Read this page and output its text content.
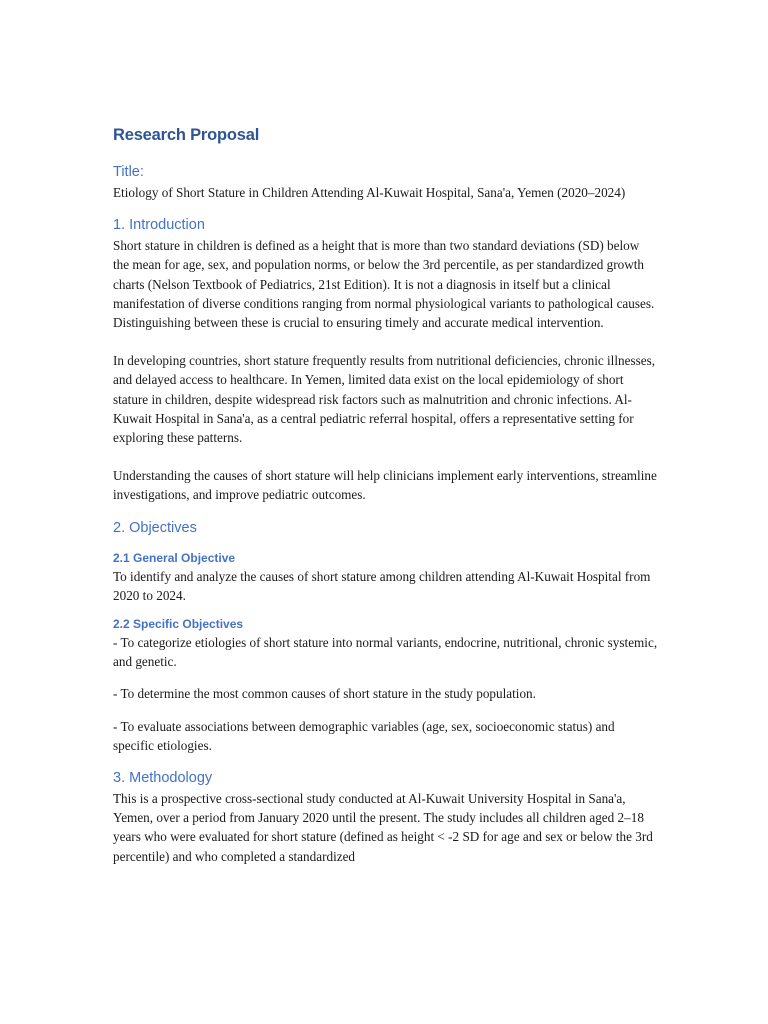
Research Proposal
Title:

Etiology of Short Stature in Children Attending Al-Kuwait Hospital, Sana'a, Yemen (2020–2024)

1. Introduction

Short stature in children is defined as a height that is more than two standard deviations (SD) below the mean for age, sex, and population norms, or below the 3rd percentile, as per standardized growth charts (Nelson Textbook of Pediatrics, 21st Edition). It is not a diagnosis in itself but a clinical manifestation of diverse conditions ranging from normal physiological variants to pathological causes. Distinguishing between these is crucial to ensuring timely and accurate medical intervention.

In developing countries, short stature frequently results from nutritional deficiencies, chronic illnesses, and delayed access to healthcare. In Yemen, limited data exist on the local epidemiology of short stature in children, despite widespread risk factors such as malnutrition and chronic infections. Al-Kuwait Hospital in Sana'a, as a central pediatric referral hospital, offers a representative setting for exploring these patterns.

Understanding the causes of short stature will help clinicians implement early interventions, streamline investigations, and improve pediatric outcomes.

2. Objectives
2.1 General Objective

To identify and analyze the causes of short stature among children attending Al-Kuwait Hospital from 2020 to 2024.

2.2 Specific Objectives

- To categorize etiologies of short stature into normal variants, endocrine, nutritional, chronic systemic, and genetic.

- To determine the most common causes of short stature in the study population.

- To evaluate associations between demographic variables (age, sex, socioeconomic status) and specific etiologies.

3. Methodology

This is a prospective cross-sectional study conducted at Al-Kuwait University Hospital in Sana'a, Yemen, over a period from January 2020 until the present. The study includes all children aged 2–18 years who were evaluated for short stature (defined as height < -2 SD for age and sex or below the 3rd percentile) and who completed a standardized
